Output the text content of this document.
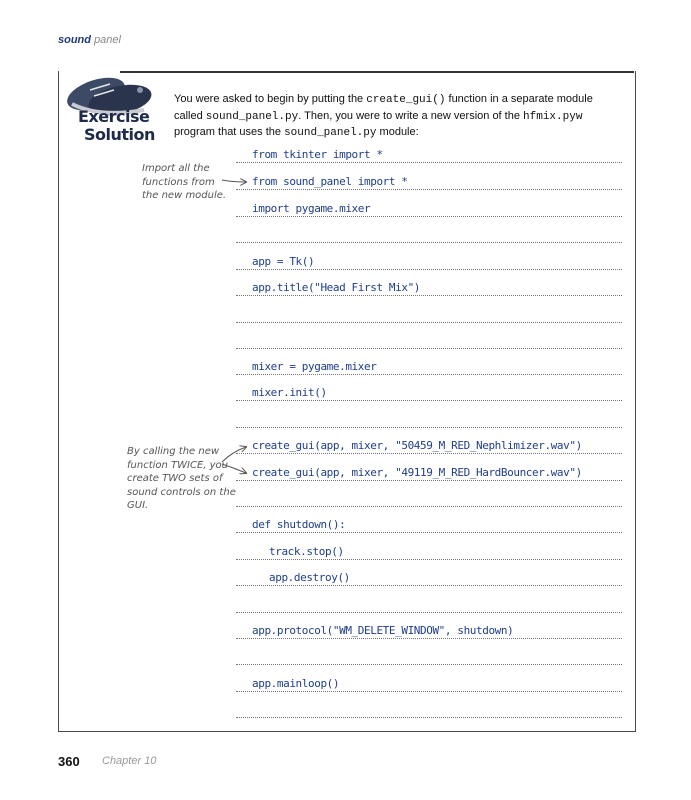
sound panel
Exercise
Solution
You were asked to begin by putting the create_gui() function in a separate module called sound_panel.py. Then, you were to write a new version of the hfmix.pyw program that uses the sound_panel.py module:
from tkinter import *
from sound_panel import *
import pygame.mixer
app = Tk()
app.title("Head First Mix")
mixer = pygame.mixer
mixer.init()
create_gui(app, mixer, "50459_M_RED_Nephlimizer.wav")
create_gui(app, mixer, "49119_M_RED_HardBouncer.wav")
def shutdown():
track.stop()
app.destroy()
app.protocol("WM_DELETE_WINDOW", shutdown)
app.mainloop()
Import all the
functions from
the new module.
By calling the new
function TWICE, you
create TWO sets of
sound controls on the
GUI.
360 Chapter 10
